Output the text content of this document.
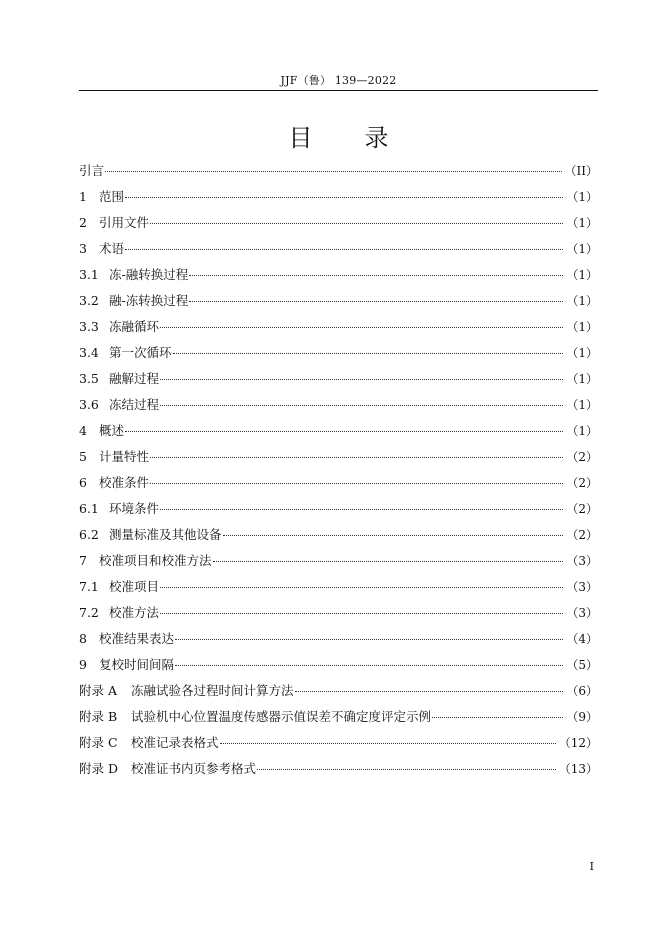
JJF（鲁） 139—2022
目 录
引言	（II）
1 范围	（1）
2 引用文件	（1）
3 术语	（1）
3.1 冻-融转换过程	（1）
3.2 融-冻转换过程	（1）
3.3 冻融循环	（1）
3.4 第一次循环	（1）
3.5 融解过程	（1）
3.6 冻结过程	（1）
4 概述	（1）
5 计量特性	（2）
6 校准条件	（2）
6.1 环境条件	（2）
6.2 测量标准及其他设备	（2）
7 校准项目和校准方法	（3）
7.1 校准项目	（3）
7.2 校准方法	（3）
8 校准结果表达	（4）
9 复校时间间隔	（5）
附录 A	冻融试验各过程时间计算方法	（6）
附录 B	试验机中心位置温度传感器示值误差不确定度评定示例	（9）
附录 C	校准记录表格式	（12）
附录 D	校准证书内页参考格式	（13）
I
